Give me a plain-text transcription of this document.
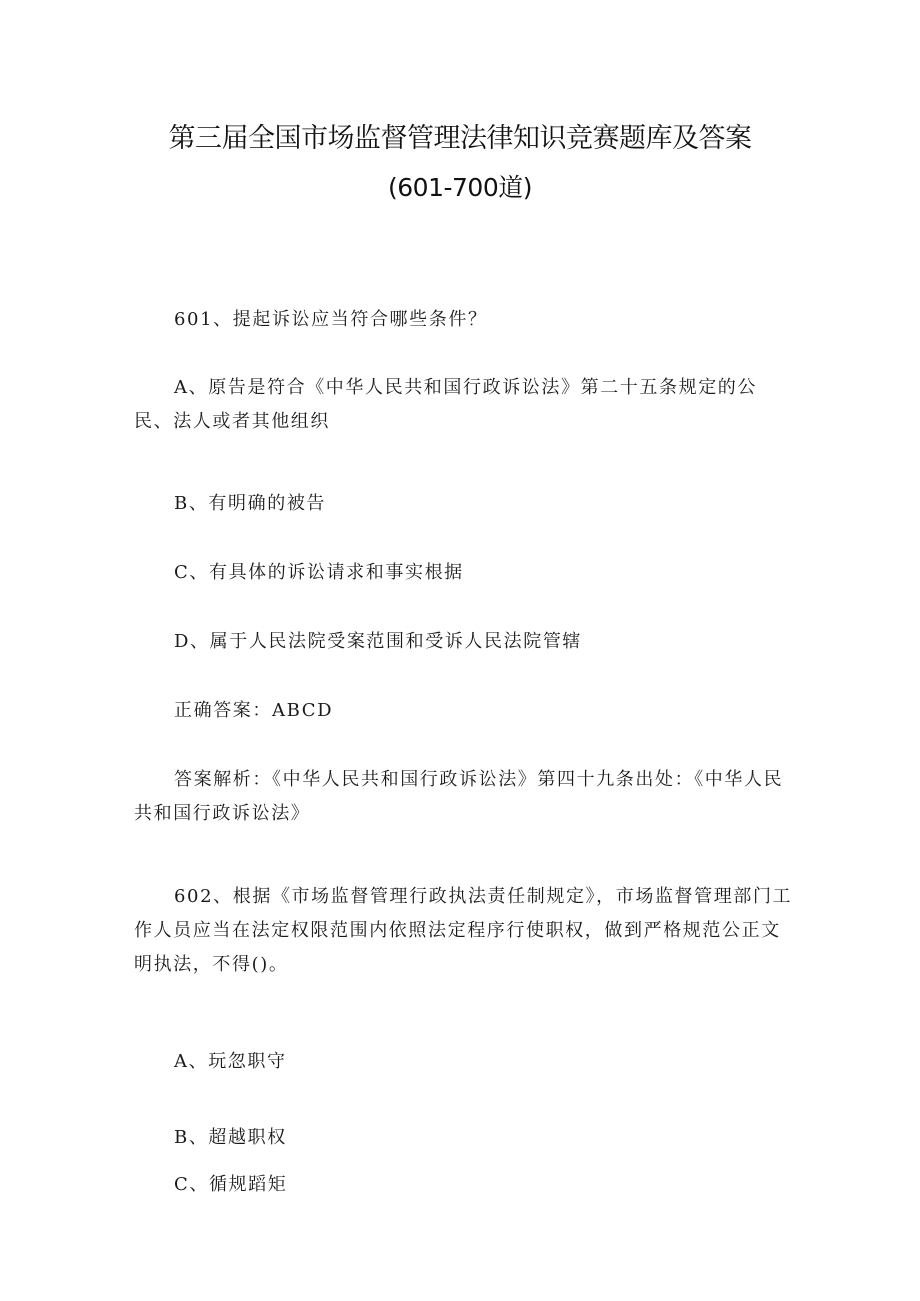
第三届全国市场监督管理法律知识竞赛题库及答案
(601-700道)

601、提起诉讼应当符合哪些条件？

A、原告是符合《中华人民共和国行政诉讼法》第二十五条规定的公民、法人或者其他组织

B、有明确的被告

C、有具体的诉讼请求和事实根据

D、属于人民法院受案范围和受诉人民法院管辖

正确答案：ABCD

答案解析：《中华人民共和国行政诉讼法》第四十九条出处：《中华人民共和国行政诉讼法》

602、根据《市场监督管理行政执法责任制规定》，市场监督管理部门工作人员应当在法定权限范围内依照法定程序行使职权，做到严格规范公正文明执法，不得()。

A、玩忽职守

B、超越职权

C、循规蹈矩
